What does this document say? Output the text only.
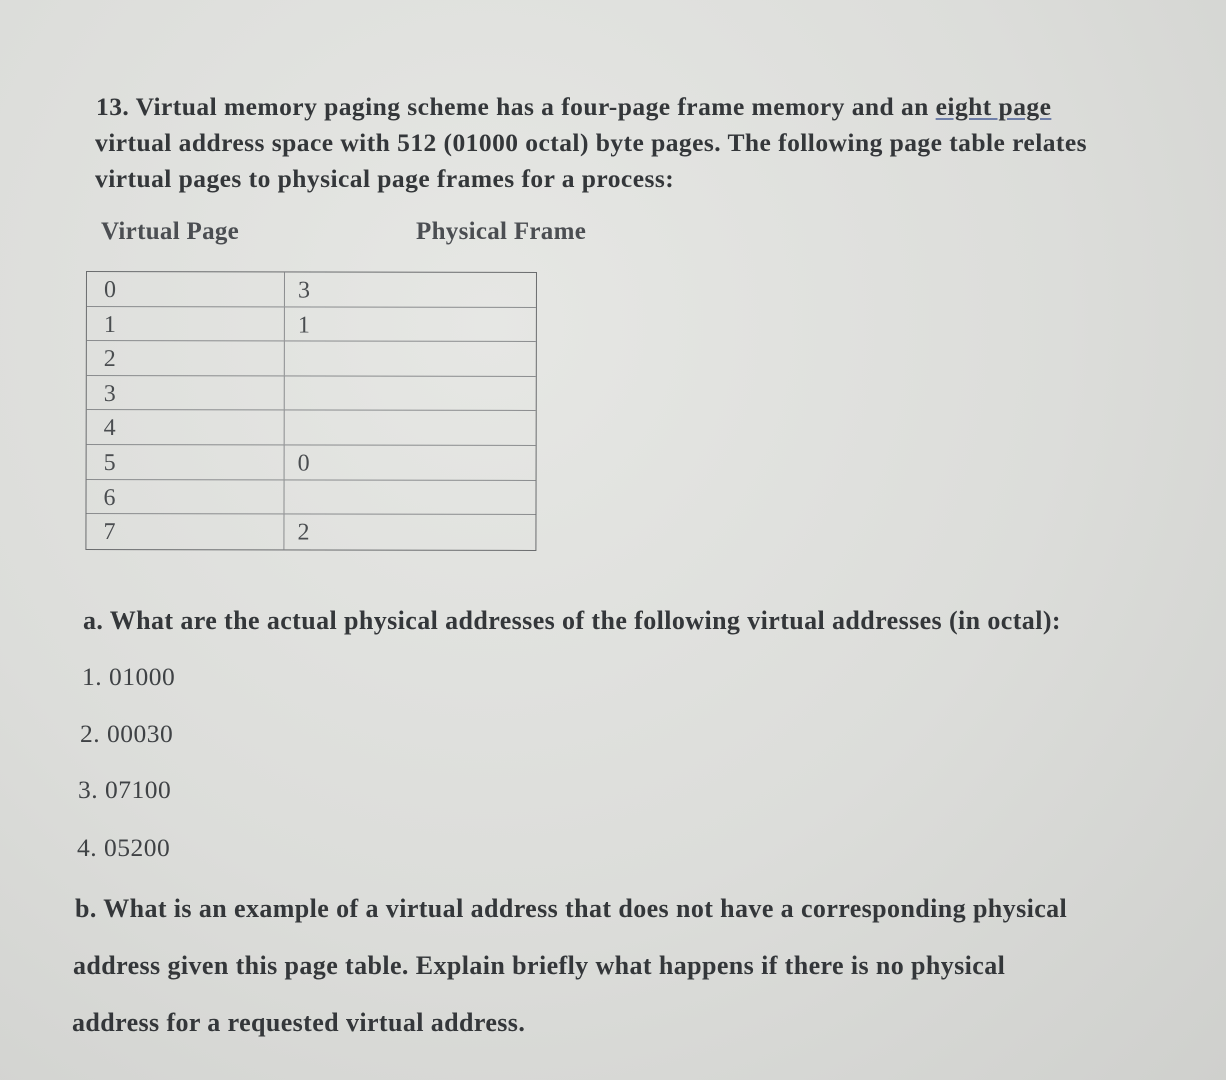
13. Virtual memory paging scheme has a four-page frame memory and an eight page
virtual address space with 512 (01000 octal) byte pages. The following page table relates
virtual pages to physical page frames for a process:
Virtual Page	Physical Frame
0	3
1	1
2
3
4
5	0
6
7	2
a. What are the actual physical addresses of the following virtual addresses (in octal):
1. 01000
2. 00030
3. 07100
4. 05200
b. What is an example of a virtual address that does not have a corresponding physical
address given this page table. Explain briefly what happens if there is no physical
address for a requested virtual address.
